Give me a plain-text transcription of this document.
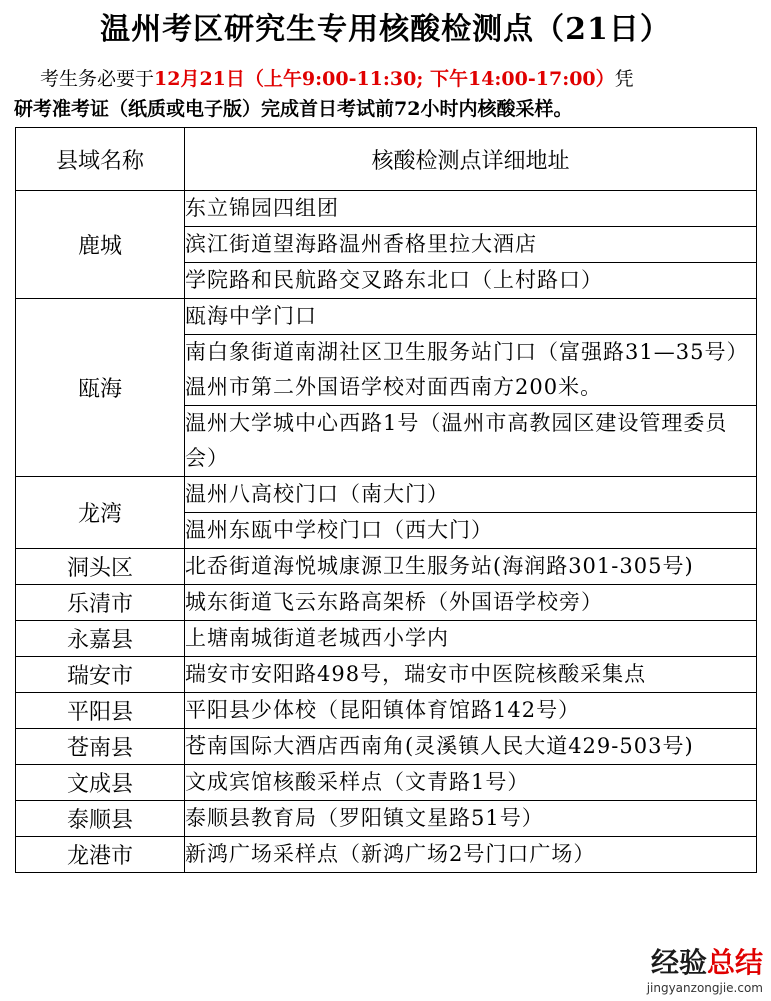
温州考区研究生专用核酸检测点（21日）
考生务必要于12月21日（上午9:00-11:30; 下午14:00-17:00）凭
研考准考证（纸质或电子版）完成首日考试前72小时内核酸采样。
县域名称	核酸检测点详细地址
鹿城	东立锦园四组团
	滨江街道望海路温州香格里拉大酒店
	学院路和民航路交叉路东北口（上村路口）
瓯海	瓯海中学门口
	南白象街道南湖社区卫生服务站门口（富强路31—35号）温州市第二外国语学校对面西南方200米。
	温州大学城中心西路1号（温州市高教园区建设管理委员会）
龙湾	温州八高校门口（南大门）
	温州东瓯中学校门口（西大门）
洞头区	北岙街道海悦城康源卫生服务站(海润路301-305号)
乐清市	城东街道飞云东路高架桥（外国语学校旁）
永嘉县	上塘南城街道老城西小学内
瑞安市	瑞安市安阳路498号，瑞安市中医院核酸采集点
平阳县	平阳县少体校（昆阳镇体育馆路142号）
苍南县	苍南国际大酒店西南角(灵溪镇人民大道429-503号)
文成县	文成宾馆核酸采样点（文青路1号）
泰顺县	泰顺县教育局（罗阳镇文星路51号）
龙港市	新鸿广场采样点（新鸿广场2号门口广场）
经验总结
jingyanzongjie.com
